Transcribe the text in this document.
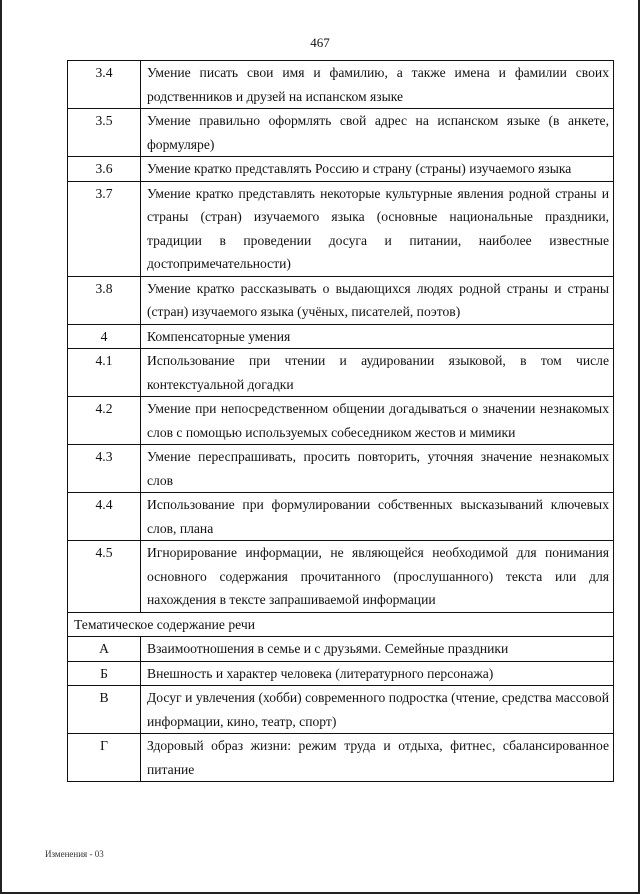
467
3.4	Умение писать свои имя и фамилию, а также имена и фамилии своих родственников и друзей на испанском языке
3.5	Умение правильно оформлять свой адрес на испанском языке (в анкете, формуляре)
3.6	Умение кратко представлять Россию и страну (страны) изучаемого языка
3.7	Умение кратко представлять некоторые культурные явления родной страны и страны (стран) изучаемого языка (основные национальные праздники, традиции в проведении досуга и питании, наиболее известные достопримечательности)
3.8	Умение кратко рассказывать о выдающихся людях родной страны и страны (стран) изучаемого языка (учёных, писателей, поэтов)
4	Компенсаторные умения
4.1	Использование при чтении и аудировании языковой, в том числе контекстуальной догадки
4.2	Умение при непосредственном общении догадываться о значении незнакомых слов с помощью используемых собеседником жестов и мимики
4.3	Умение переспрашивать, просить повторить, уточняя значение незнакомых слов
4.4	Использование при формулировании собственных высказываний ключевых слов, плана
4.5	Игнорирование информации, не являющейся необходимой для понимания основного содержания прочитанного (прослушанного) текста или для нахождения в тексте запрашиваемой информации
Тематическое содержание речи	
А	Взаимоотношения в семье и с друзьями. Семейные праздники
Б	Внешность и характер человека (литературного персонажа)
В	Досуг и увлечения (хобби) современного подростка (чтение, средства массовой информации, кино, театр, спорт)
Г	Здоровый образ жизни: режим труда и отдыха, фитнес, сбалансированное питание
Изменения - 03
